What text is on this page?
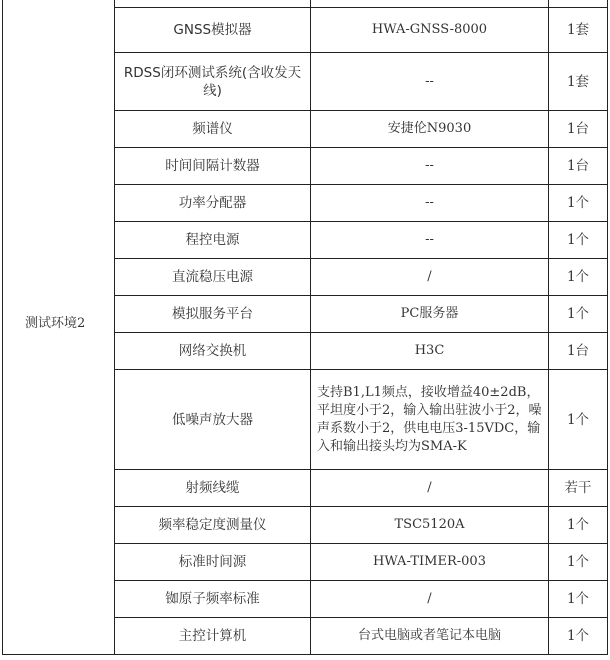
测试环境2			
	GNSS模拟器	HWA-GNSS-8000	1套
	RDSS闭环测试系统(含收发天线)	--	1套
	频谱仪	安捷伦N9030	1台
	时间间隔计数器	--	1台
	功率分配器	--	1个
	程控电源	--	1个
	直流稳压电源	/	1个
	模拟服务平台	PC服务器	1个
	网络交换机	H3C	1台
	低噪声放大器	支持B1,L1频点，接收增益40±2dB，平坦度小于2，输入输出驻波小于2，噪声系数小于2，供电电压3-15VDC，输入和输出接头均为SMA-K	1个
	射频线缆	/	若干
	频率稳定度测量仪	TSC5120A	1个
	标准时间源	HWA-TIMER-003	1个
	铷原子频率标准	/	1个
	主控计算机	台式电脑或者笔记本电脑	1个
